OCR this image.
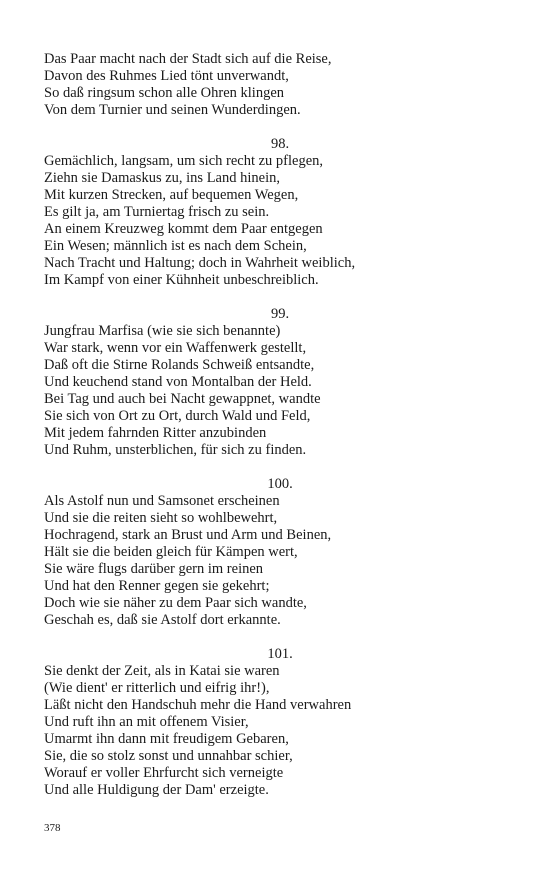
Das Paar macht nach der Stadt sich auf die Reise,
Davon des Ruhmes Lied tönt unverwandt,
So daß ringsum schon alle Ohren klingen
Von dem Turnier und seinen Wunderdingen.
98.
Gemächlich, langsam, um sich recht zu pflegen,
Ziehn sie Damaskus zu, ins Land hinein,
Mit kurzen Strecken, auf bequemen Wegen,
Es gilt ja, am Turniertag frisch zu sein.
An einem Kreuzweg kommt dem Paar entgegen
Ein Wesen; männlich ist es nach dem Schein,
Nach Tracht und Haltung; doch in Wahrheit weiblich,
Im Kampf von einer Kühnheit unbeschreiblich.
99.
Jungfrau Marfisa (wie sie sich benannte)
War stark, wenn vor ein Waffenwerk gestellt,
Daß oft die Stirne Rolands Schweiß entsandte,
Und keuchend stand von Montalban der Held.
Bei Tag und auch bei Nacht gewappnet, wandte
Sie sich von Ort zu Ort, durch Wald und Feld,
Mit jedem fahrnden Ritter anzubinden
Und Ruhm, unsterblichen, für sich zu finden.
100.
Als Astolf nun und Samsonet erscheinen
Und sie die reiten sieht so wohlbewehrt,
Hochragend, stark an Brust und Arm und Beinen,
Hält sie die beiden gleich für Kämpen wert,
Sie wäre flugs darüber gern im reinen
Und hat den Renner gegen sie gekehrt;
Doch wie sie näher zu dem Paar sich wandte,
Geschah es, daß sie Astolf dort erkannte.
101.
Sie denkt der Zeit, als in Katai sie waren
(Wie dient' er ritterlich und eifrig ihr!),
Läßt nicht den Handschuh mehr die Hand verwahren
Und ruft ihn an mit offenem Visier,
Umarmt ihn dann mit freudigem Gebaren,
Sie, die so stolz sonst und unnahbar schier,
Worauf er voller Ehrfurcht sich verneigte
Und alle Huldigung der Dam' erzeigte.
378
